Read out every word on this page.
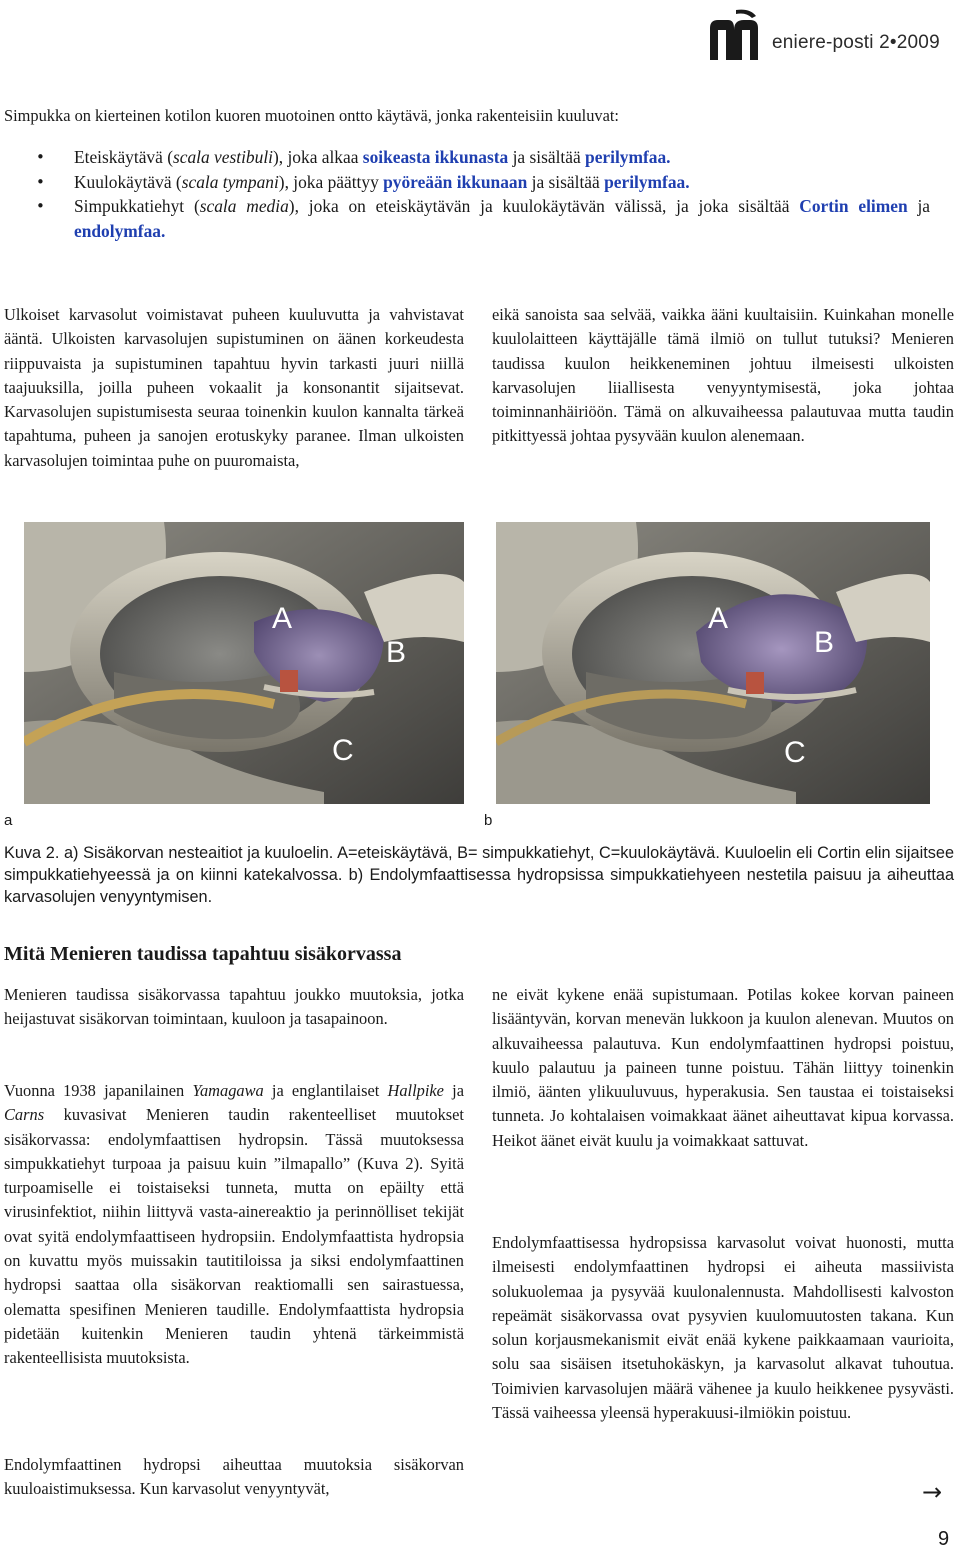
eniere-posti 2•2009
Simpukka on kierteinen kotilon kuoren muotoinen ontto käytävä, jonka rakenteisiin kuuluvat:
• Eteiskäytävä (scala vestibuli), joka alkaa soikeasta ikkunasta ja sisältää perilymfaa.
• Kuulokäytävä (scala tympani), joka päättyy pyöreään ikkunaan ja sisältää perilymfaa.
• Simpukkatiehyt (scala media), joka on eteiskäytävän ja kuulokäytävän välissä, ja joka sisältää Cortin elimen ja endolymfaa.
Ulkoiset karvasolut voimistavat puheen kuuluvutta ja vahvistavat ääntä. Ulkoisten karvasolujen supistuminen on äänen korkeudesta riippuvaista ja supistuminen tapahtuu hyvin tarkasti juuri niillä taajuuksilla, joilla puheen vokaalit ja konsonantit sijaitsevat. Karvasolujen supistumisesta seuraa toinenkin kuulon kannalta tärkeä tapahtuma, puheen ja sanojen erotuskyky paranee. Ilman ulkoisten karvasolujen toimintaa puhe on puuromaista,
eikä sanoista saa selvää, vaikka ääni kuultaisiin. Kuinkahan monelle kuulolaitteen käyttäjälle tämä ilmiö on tullut tutuksi? Menieren taudissa kuulon heikkeneminen johtuu ilmeisesti ulkoisten karvasolujen liiallisesta venyyntymisestä, joka johtaa toiminnanhäiriöön. Tämä on alkuvaiheessa palautuvaa mutta taudin pitkittyessä johtaa pysyvään kuulon alenemaan.
A
B
C
A
B
C
a	b
Kuva 2. a) Sisäkorvan nesteaitiot ja kuuloelin. A=eteiskäytävä, B= simpukkatiehyt, C=kuulokäytävä. Kuuloelin eli Cortin elin sijaitsee simpukkatiehyeessä ja on kiinni katekalvossa. b) Endolymfaattisessa hydropsissa simpukkatiehyeen nestetila paisuu ja aiheuttaa karvasolujen venyyntymisen.
Mitä Menieren taudissa tapahtuu sisäkorvassa
Menieren taudissa sisäkorvassa tapahtuu joukko muutoksia, jotka heijastuvat sisäkorvan toimintaan, kuuloon ja tasapainoon.
Vuonna 1938 japanilainen Yamagawa ja englantilaiset Hallpike ja Carns kuvasivat Menieren taudin rakenteelliset muutokset sisäkorvassa: endolymfaattisen hydropsin. Tässä muutoksessa simpukkatiehyt turpoaa ja paisuu kuin ”ilmapallo” (Kuva 2). Syitä turpoamiselle ei toistaiseksi tunneta, mutta on epäilty että virusinfektiot, niihin liittyvä vasta-ainereaktio ja perinnölliset tekijät ovat syitä endolymfaattiseen hydropsiin. Endolymfaattista hydropsia on kuvattu myös muissakin tautitiloissa ja siksi endolymfaattinen hydropsi saattaa olla sisäkorvan reaktiomalli sen sairastuessa, olematta spesifinen Menieren taudille. Endolymfaattista hydropsia pidetään kuitenkin Menieren taudin yhtenä tärkeimmistä rakenteellisista muutoksista.
Endolymfaattinen hydropsi aiheuttaa muutoksia sisäkorvan kuuloaistimuksessa. Kun karvasolut venyyntyvät,
ne eivät kykene enää supistumaan. Potilas kokee korvan paineen lisääntyvän, korvan menevän lukkoon ja kuulon alenevan. Muutos on alkuvaiheessa palautuva. Kun endolymfaattinen hydropsi poistuu, kuulo palautuu ja paineen tunne poistuu. Tähän liittyy toinenkin ilmiö, äänten ylikuuluvuus, hyperakusia. Sen taustaa ei toistaiseksi tunneta. Jo kohtalaisen voimakkaat äänet aiheuttavat kipua korvassa. Heikot äänet eivät kuulu ja voimakkaat sattuvat.
Endolymfaattisessa hydropsissa karvasolut voivat huonosti, mutta ilmeisesti endolymfaattinen hydropsi ei aiheuta massiivista solukuolemaa ja pysyvää kuulonalennusta. Mahdollisesti kalvoston repeämät sisäkorvassa ovat pysyvien kuulomuutosten takana. Kun solun korjausmekanismit eivät enää kykene paikkaamaan vaurioita, solu saa sisäisen itsetuhokäskyn, ja karvasolut alkavat tuhoutua. Toimivien karvasolujen määrä vähenee ja kuulo heikkenee pysyvästi. Tässä vaiheessa yleensä hyperakuusi-ilmiökin poistuu.
→
9
